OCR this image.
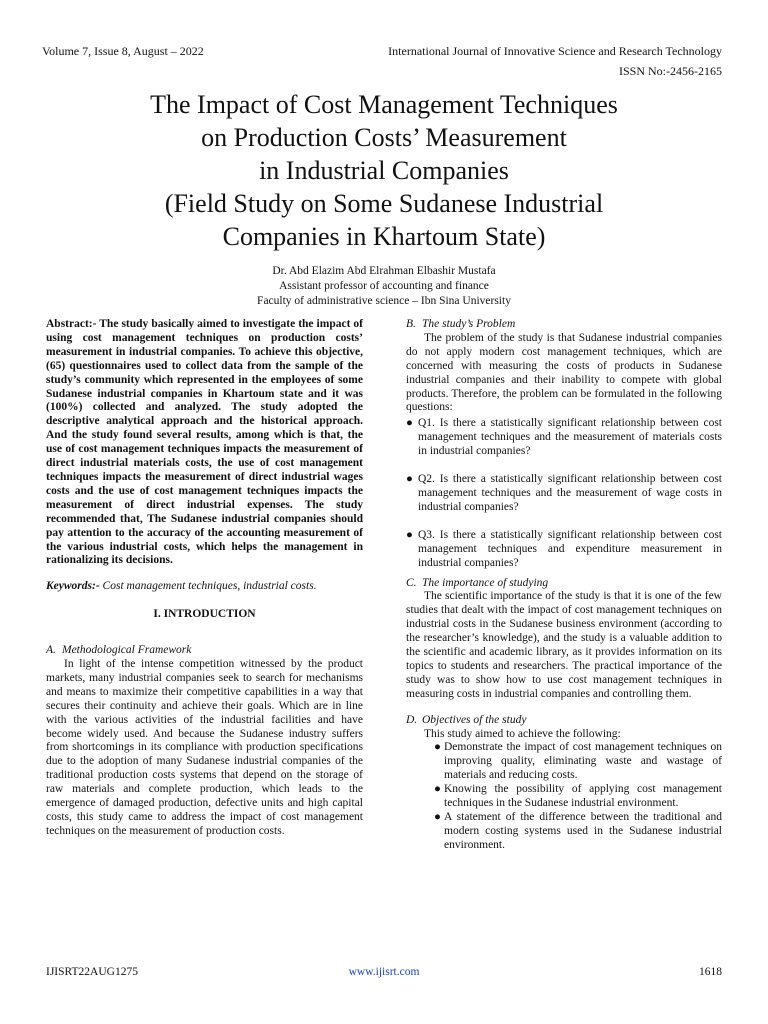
Volume 7, Issue 8, August – 2022	International Journal of Innovative Science and Research Technology
ISSN No:-2456-2165
The Impact of Cost Management Techniques
on Production Costs’ Measurement
in Industrial Companies
(Field Study on Some Sudanese Industrial
Companies in Khartoum State)
Dr. Abd Elazim Abd Elrahman Elbashir Mustafa
Assistant professor of accounting and finance
Faculty of administrative science – Ibn Sina University

Abstract:- The study basically aimed to investigate the impact of using cost management techniques on production costs’ measurement in industrial companies. To achieve this objective, (65) questionnaires used to collect data from the sample of the study’s community which represented in the employees of some Sudanese industrial companies in Khartoum state and it was (100%) collected and analyzed. The study adopted the descriptive analytical approach and the historical approach. And the study found several results, among which is that, the use of cost management techniques impacts the measurement of direct industrial materials costs, the use of cost management techniques impacts the measurement of direct industrial wages costs and the use of cost management techniques impacts the measurement of direct industrial expenses. The study recommended that, The Sudanese industrial companies should pay attention to the accuracy of the accounting measurement of the various industrial costs, which helps the management in rationalizing its decisions.

Keywords:- Cost management techniques, industrial costs.

I. INTRODUCTION
A. Methodological Framework

In light of the intense competition witnessed by the product markets, many industrial companies seek to search for mechanisms and means to maximize their competitive capabilities in a way that secures their continuity and achieve their goals. Which are in line with the various activities of the industrial facilities and have become widely used. And because the Sudanese industry suffers from shortcomings in its compliance with production specifications due to the adoption of many Sudanese industrial companies of the traditional production costs systems that depend on the storage of raw materials and complete production, which leads to the emergence of damaged production, defective units and high capital costs, this study came to address the impact of cost management techniques on the measurement of production costs.

B. The study’s Problem

The problem of the study is that Sudanese industrial companies do not apply modern cost management techniques, which are concerned with measuring the costs of products in Sudanese industrial companies and their inability to compete with global products. Therefore, the problem can be formulated in the following questions:

● Q1. Is there a statistically significant relationship between cost management techniques and the measurement of materials costs in industrial companies?
● Q2. Is there a statistically significant relationship between cost management techniques and the measurement of wage costs in industrial companies?
● Q3. Is there a statistically significant relationship between cost management techniques and expenditure measurement in industrial companies?
C. The importance of studying

The scientific importance of the study is that it is one of the few studies that dealt with the impact of cost management techniques on industrial costs in the Sudanese business environment (according to the researcher’s knowledge), and the study is a valuable addition to the scientific and academic library, as it provides information on its topics to students and researchers. The practical importance of the study was to show how to use cost management techniques in measuring costs in industrial companies and controlling them.

D. Objectives of the study

This study aimed to achieve the following:

● Demonstrate the impact of cost management techniques on improving quality, eliminating waste and wastage of materials and reducing costs.
● Knowing the possibility of applying cost management techniques in the Sudanese industrial environment.
● A statement of the difference between the traditional and modern costing systems used in the Sudanese industrial environment.
IJISRT22AUG1275	www.ijisrt.com	1618
